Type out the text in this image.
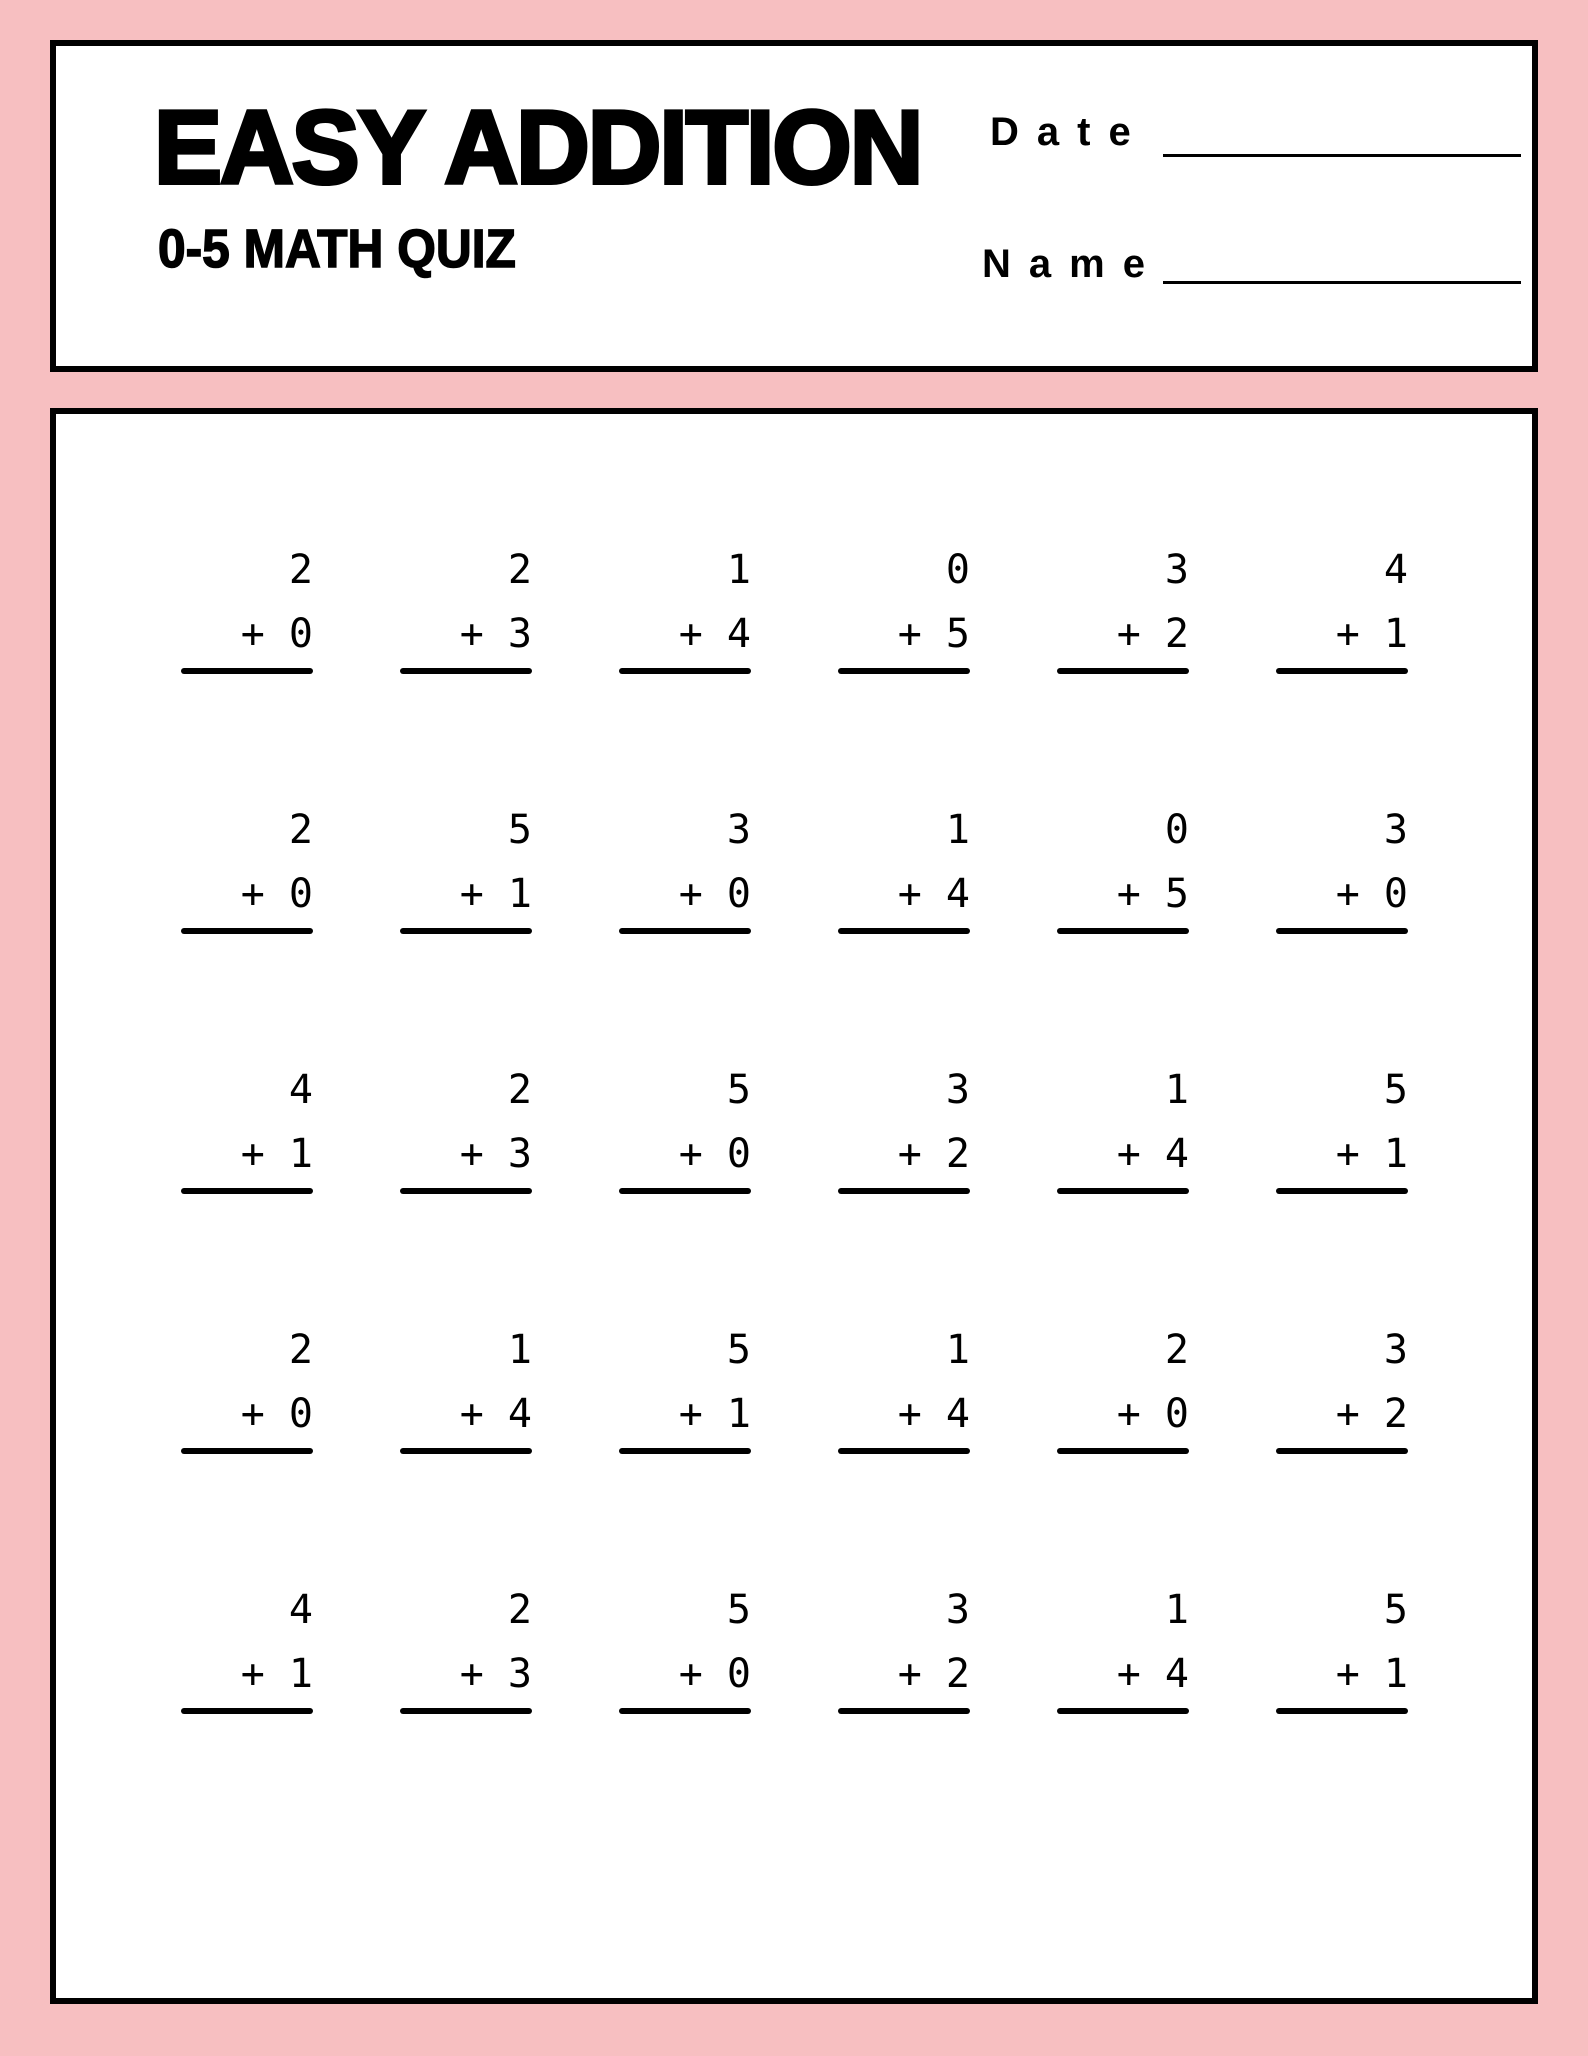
EASY ADDITION
0-5 MATH QUIZ
Date
Name
2
+ 0
2
+ 3
1
+ 4
0
+ 5
3
+ 2
4
+ 1
2
+ 0
5
+ 1
3
+ 0
1
+ 4
0
+ 5
3
+ 0
4
+ 1
2
+ 3
5
+ 0
3
+ 2
1
+ 4
5
+ 1
2
+ 0
1
+ 4
5
+ 1
1
+ 4
2
+ 0
3
+ 2
4
+ 1
2
+ 3
5
+ 0
3
+ 2
1
+ 4
5
+ 1
